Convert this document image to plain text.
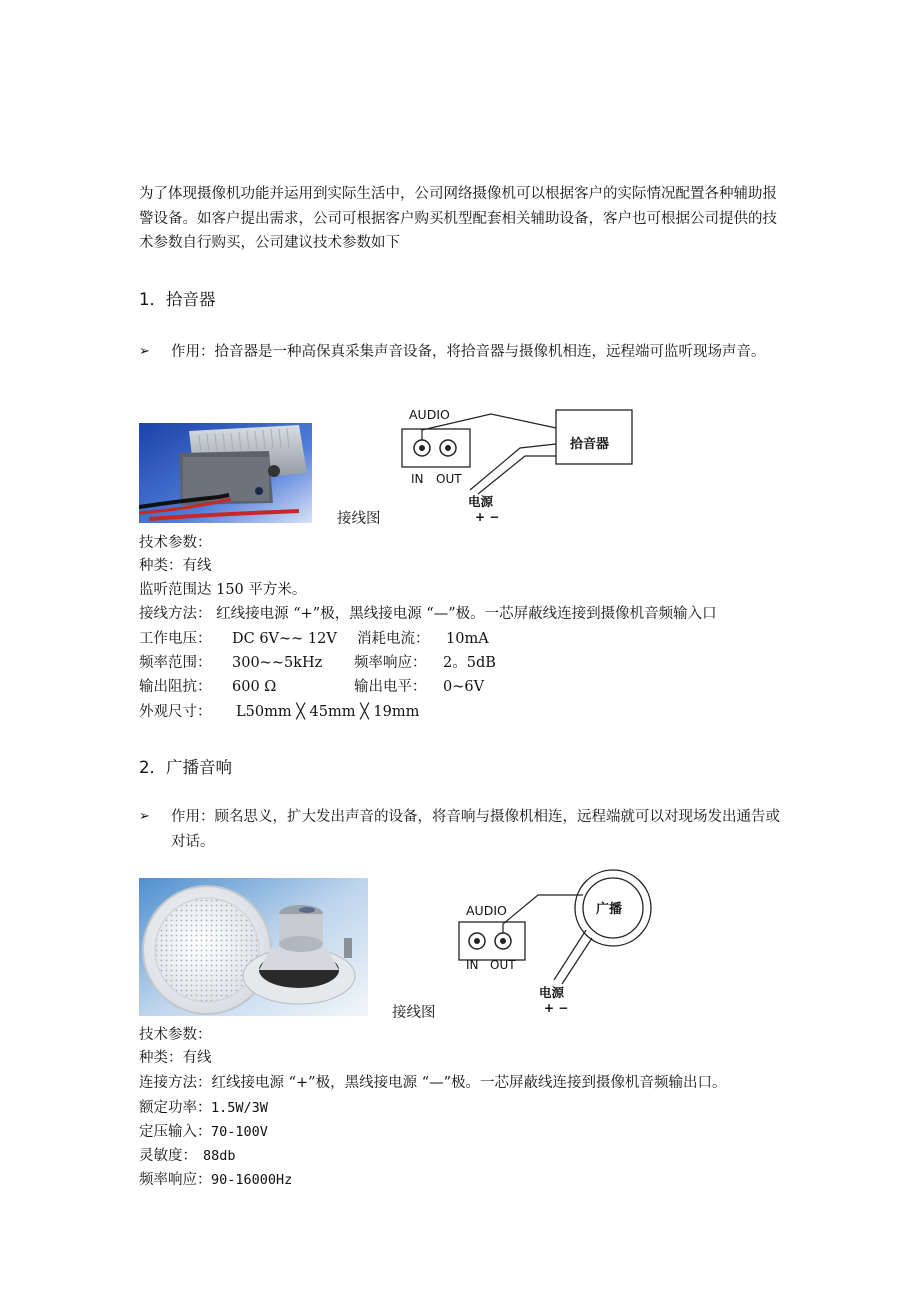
为了体现摄像机功能并运用到实际生活中，公司网络摄像机可以根据客户的实际情况配置各种辅助报警设备。如客户提出需求，公司可根据客户购买机型配套相关辅助设备，客户也可根据公司提供的技术参数自行购买，公司建议技术参数如下
1．拾音器
➢	作用：拾音器是一种高保真采集声音设备，将拾音器与摄像机相连，远程端可监听现场声音。
接线图
AUDIO
IN OUT
拾音器
电源
+ −
技术参数：
种类：有线
监听范围达 150 平方米。
接线方法： 红线接电源 “+”极，黑线接电源 “—”极。一芯屏蔽线连接到摄像机音频输入口
工作电压： DC 6V~~ 12V 消耗电流： 10mA
频率范围： 300~~5kHz 频率响应： 2。5dB
输出阻抗： 600 Ω	输出电平： 0~6V
外观尺寸： L50mm ╳ 45mm ╳ 19mm
2．广播音响
➢	作用：顾名思义，扩大发出声音的设备，将音响与摄像机相连，远程端就可以对现场发出通告或对话。
接线图
AUDIO
IN OUT
广播
电源
+ −
技术参数：
种类：有线
连接方法：红线接电源 “+”极，黑线接电源 “—”极。一芯屏蔽线连接到摄像机音频输出口。
额定功率： 1.5W/3W
定压输入： 70-100V
灵敏度： 88db
频率响应： 90-16000Hz
